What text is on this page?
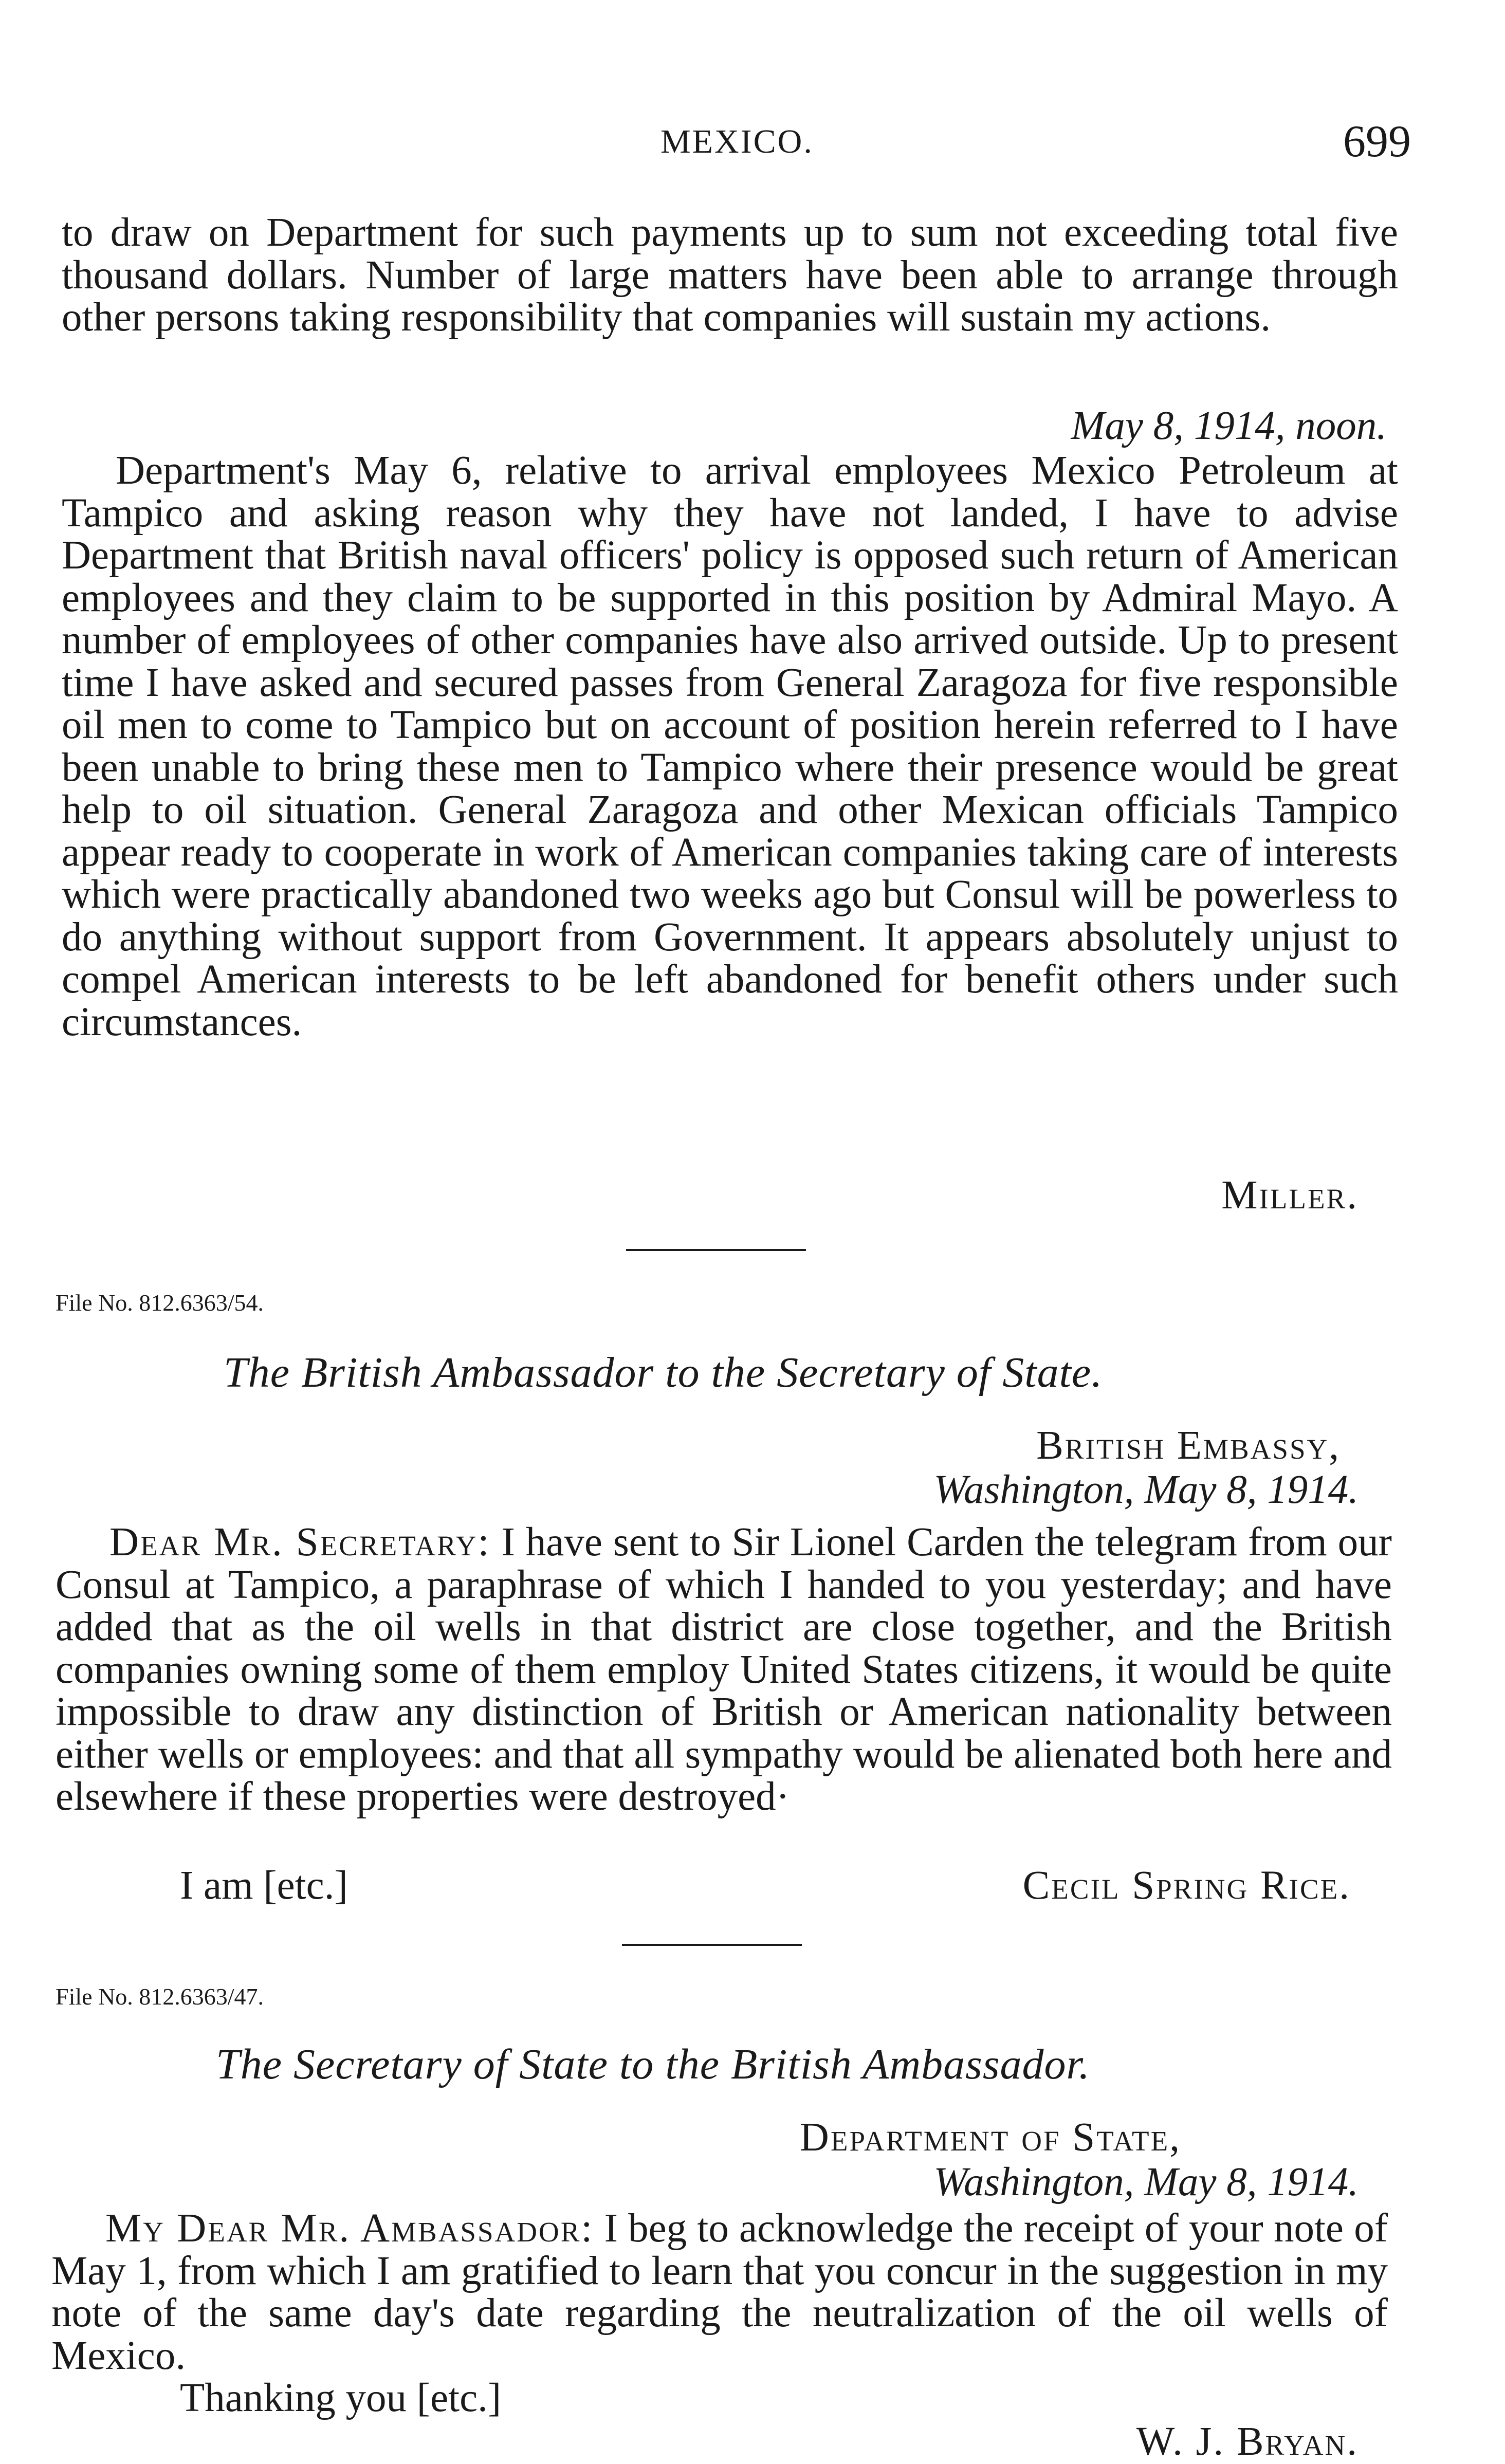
MEXICO.	699

to draw on Department for such payments up to sum not exceeding total five thousand dollars. Number of large matters have been able to arrange through other persons taking responsibility that companies will sustain my actions.

May 8, 1914, noon.

Department's May 6, relative to arrival employees Mexico Petroleum at Tampico and asking reason why they have not landed, I have to advise Department that British naval officers' policy is opposed such return of American employees and they claim to be supported in this position by Admiral Mayo. A number of employees of other companies have also arrived outside. Up to present time I have asked and secured passes from General Zaragoza for five responsible oil men to come to Tampico but on account of position herein referred to I have been unable to bring these men to Tampico where their presence would be great help to oil situation. General Zaragoza and other Mexican officials Tampico appear ready to cooperate in work of American companies taking care of interests which were practically abandoned two weeks ago but Consul will be powerless to do anything without support from Government. It appears absolutely unjust to compel American interests to be left abandoned for benefit others under such circumstances.

Miller.
File No. 812.6363/54.
The British Ambassador to the Secretary of State.
British Embassy,
Washington, May 8, 1914.

Dear Mr. Secretary: I have sent to Sir Lionel Carden the telegram from our Consul at Tampico, a paraphrase of which I handed to you yesterday; and have added that as the oil wells in that district are close together, and the British companies owning some of them employ United States citizens, it would be quite impossible to draw any distinction of British or American nationality between either wells or employees: and that all sympathy would be alienated both here and elsewhere if these properties were destroyed·

I am [etc.]	Cecil Spring Rice.
File No. 812.6363/47.
The Secretary of State to the British Ambassador.
Department of State,
Washington, May 8, 1914.

My Dear Mr. Ambassador: I beg to acknowledge the receipt of your note of May 1, from which I am gratified to learn that you concur in the suggestion in my note of the same day's date regarding the neutralization of the oil wells of Mexico.

Thanking you [etc.]
W. J. Bryan.
